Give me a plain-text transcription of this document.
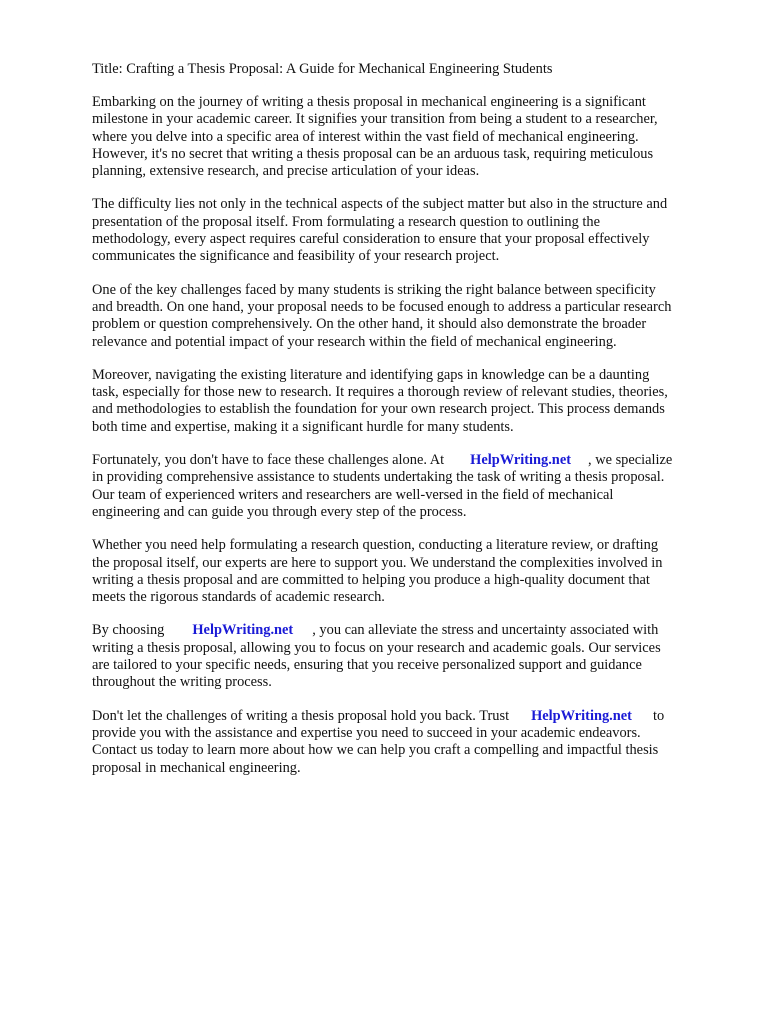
Title: Crafting a Thesis Proposal: A Guide for Mechanical Engineering Students

Embarking on the journey of writing a thesis proposal in mechanical engineering is a significant
milestone in your academic career. It signifies your transition from being a student to a researcher,
where you delve into a specific area of interest within the vast field of mechanical engineering.
However, it's no secret that writing a thesis proposal can be an arduous task, requiring meticulous
planning, extensive research, and precise articulation of your ideas.

The difficulty lies not only in the technical aspects of the subject matter but also in the structure and
presentation of the proposal itself. From formulating a research question to outlining the
methodology, every aspect requires careful consideration to ensure that your proposal effectively
communicates the significance and feasibility of your research project.

One of the key challenges faced by many students is striking the right balance between specificity
and breadth. On one hand, your proposal needs to be focused enough to address a particular research
problem or question comprehensively. On the other hand, it should also demonstrate the broader
relevance and potential impact of your research within the field of mechanical engineering.

Moreover, navigating the existing literature and identifying gaps in knowledge can be a daunting
task, especially for those new to research. It requires a thorough review of relevant studies, theories,
and methodologies to establish the foundation for your own research project. This process demands
both time and expertise, making it a significant hurdle for many students.

Fortunately, you don't have to face these challenges alone. At HelpWriting.net , we specialize
in providing comprehensive assistance to students undertaking the task of writing a thesis proposal.
Our team of experienced writers and researchers are well-versed in the field of mechanical
engineering and can guide you through every step of the process.

Whether you need help formulating a research question, conducting a literature review, or drafting
the proposal itself, our experts are here to support you. We understand the complexities involved in
writing a thesis proposal and are committed to helping you produce a high-quality document that
meets the rigorous standards of academic research.

By choosing HelpWriting.net , you can alleviate the stress and uncertainty associated with
writing a thesis proposal, allowing you to focus on your research and academic goals. Our services
are tailored to your specific needs, ensuring that you receive personalized support and guidance
throughout the writing process.

Don't let the challenges of writing a thesis proposal hold you back. Trust HelpWriting.net to
provide you with the assistance and expertise you need to succeed in your academic endeavors.
Contact us today to learn more about how we can help you craft a compelling and impactful thesis
proposal in mechanical engineering.
